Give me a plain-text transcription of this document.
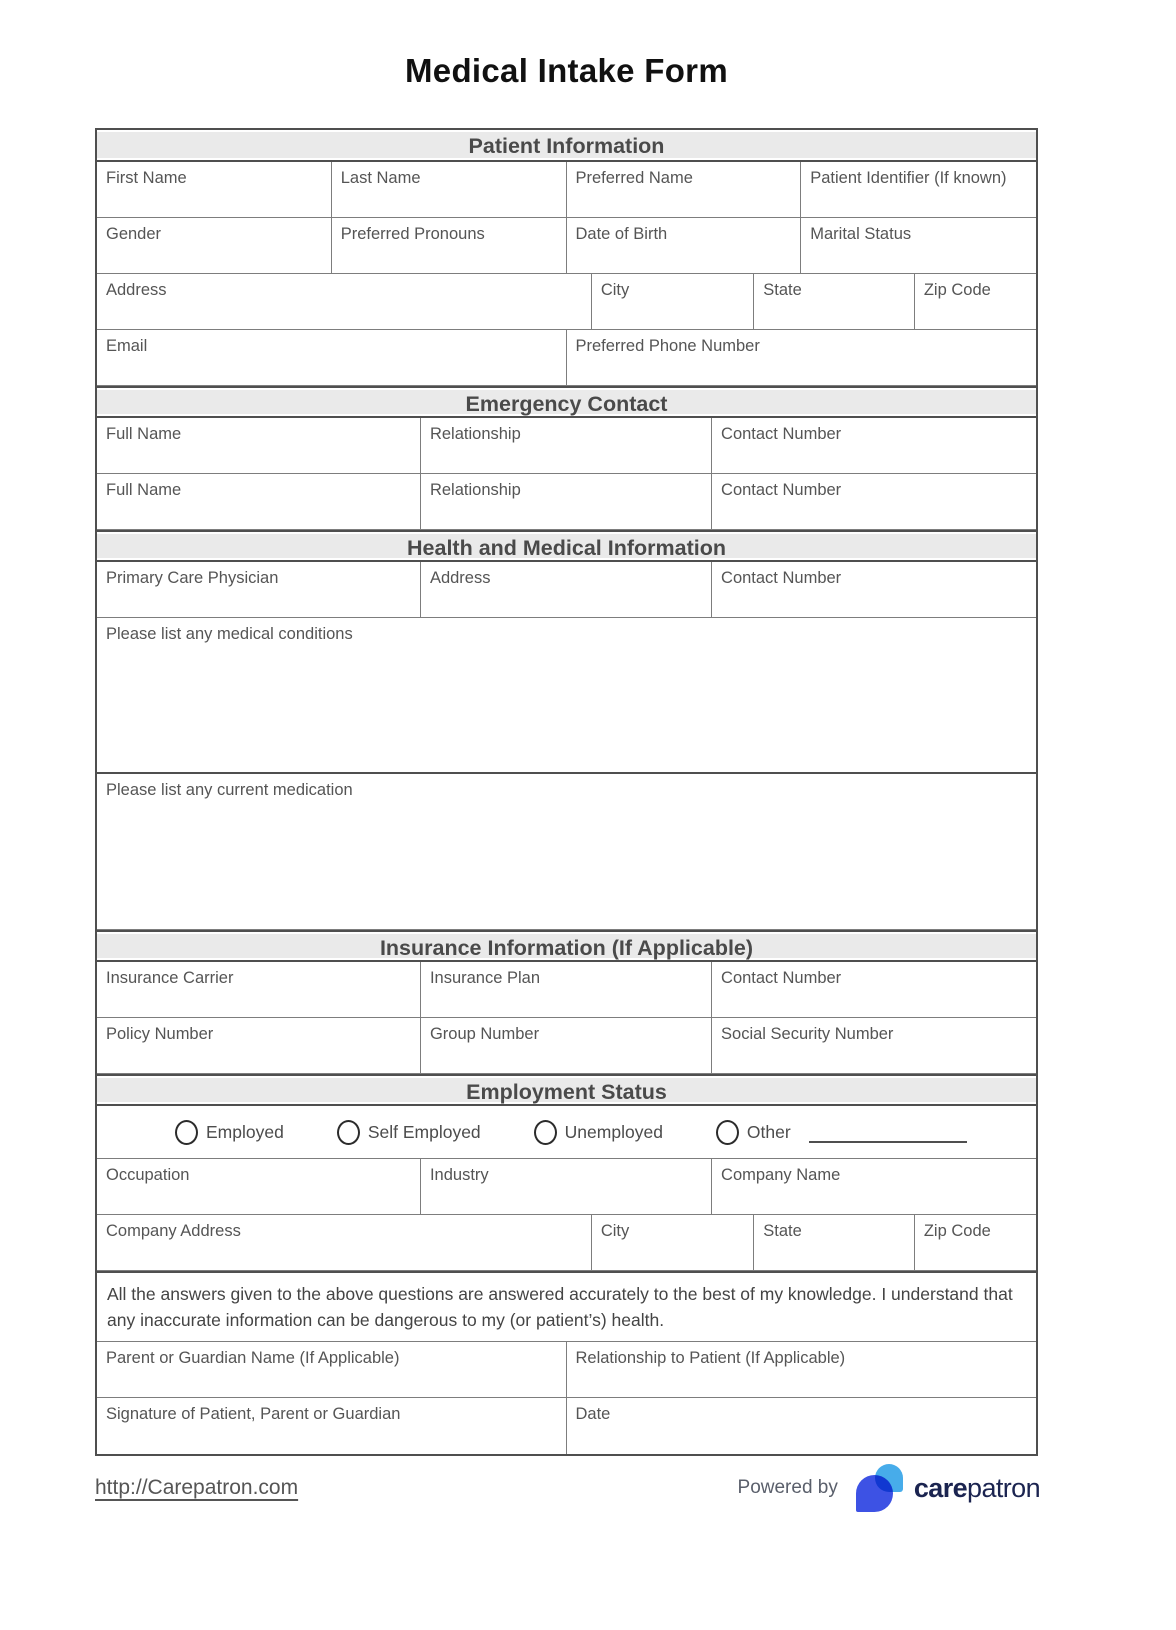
Medical Intake Form
Patient Information
First Name	Last Name	Preferred Name	Patient Identifier (If known)
Gender	Preferred Pronouns	Date of Birth	Marital Status
Address	City	State	Zip Code
Email	Preferred Phone Number
Emergency Contact
Full Name	Relationship	Contact Number
Full Name	Relationship	Contact Number
Health and Medical Information
Primary Care Physician	Address	Contact Number
Please list any medical conditions
Please list any current medication
Insurance Information (If Applicable)
Insurance Carrier	Insurance Plan	Contact Number
Policy Number	Group Number	Social Security Number
Employment Status
Employed	Self Employed	Unemployed	Other
Occupation	Industry	Company Name
Company Address	City	State	Zip Code
All the answers given to the above questions are answered accurately to the best of my knowledge. I understand that any inaccurate information can be dangerous to my (or patient’s) health.
Parent or Guardian Name (If Applicable)	Relationship to Patient (If Applicable)
Signature of Patient, Parent or Guardian	Date
http://Carepatron.com	Powered by	carepatron
